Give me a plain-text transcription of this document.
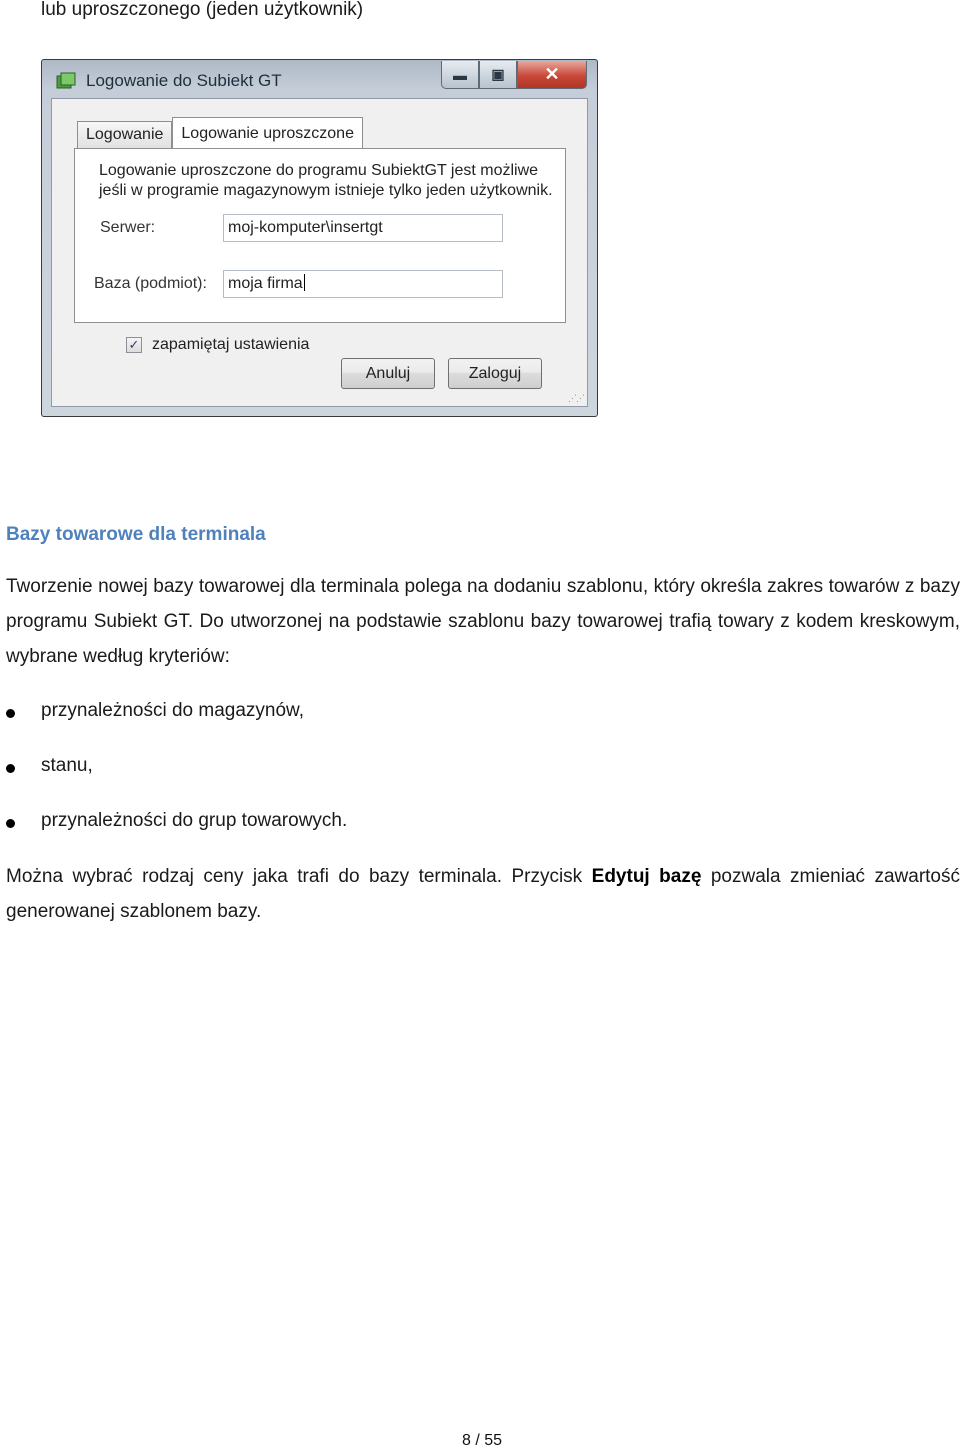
lub uproszczonego (jeden użytkownik)

Logowanie do Subiekt GT	▬ ▣ ✕
Logowanie	Logowanie uproszczone

Logowanie uproszczone do programu SubiektGT jest możliwe
jeśli w programie magazynowym istnieje tylko jeden użytkownik.

Serwer:	moj-komputer\insertgt
Baza (podmiot):	moja firma
✓ zapamiętaj ustawienia
Anuluj	Zaloguj
⋰⋰
Bazy towarowe dla terminala

Tworzenie nowej bazy towarowej dla terminala polega na dodaniu szablonu, który określa zakres towarów z bazy programu Subiekt GT. Do utworzonej na podstawie szablonu bazy towarowej trafią towary z kodem kreskowym, wybrane według kryteriów:

przynależności do magazynów,
stanu,
przynależności do grup towarowych.

Można wybrać rodzaj ceny jaka trafi do bazy terminala. Przycisk Edytuj bazę pozwala zmieniać zawartość generowanej szablonem bazy.

8 / 55
